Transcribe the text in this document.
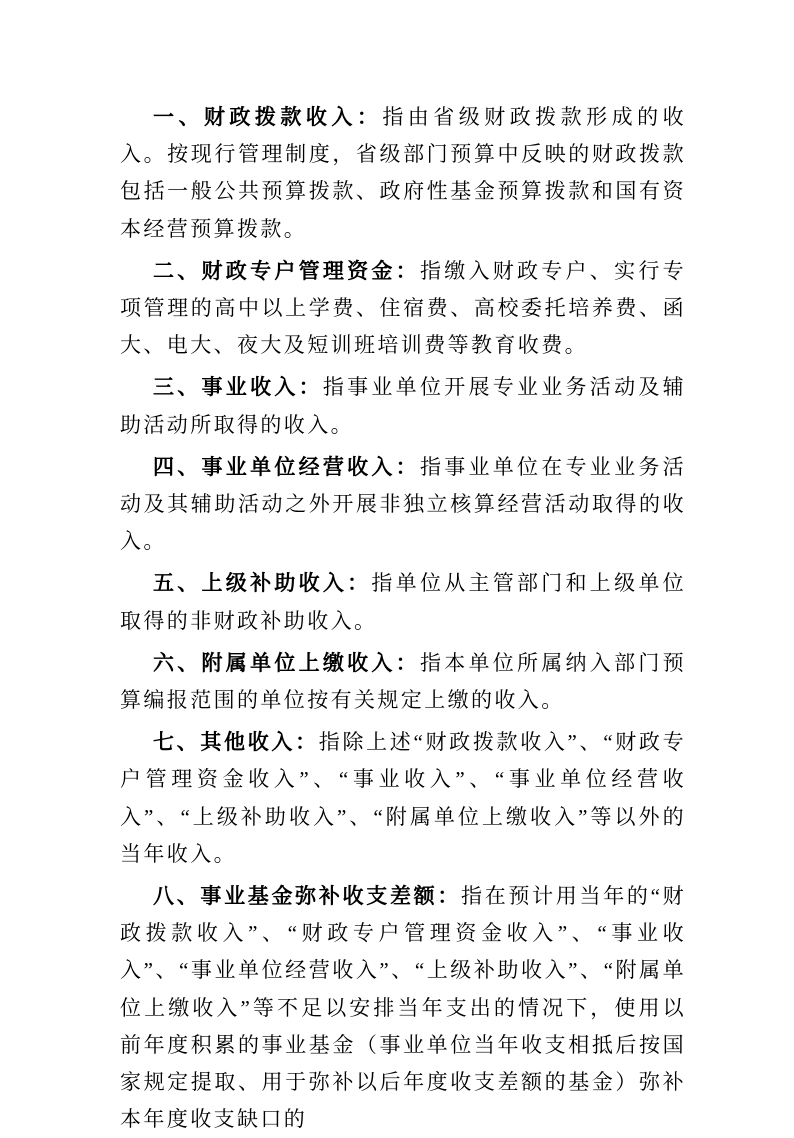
一、财政拨款收入：指由省级财政拨款形成的收入。按现行管理制度，省级部门预算中反映的财政拨款包括一般公共预算拨款、政府性基金预算拨款和国有资本经营预算拨款。

二、财政专户管理资金：指缴入财政专户、实行专项管理的高中以上学费、住宿费、高校委托培养费、函大、电大、夜大及短训班培训费等教育收费。

三、事业收入：指事业单位开展专业业务活动及辅助活动所取得的收入。

四、事业单位经营收入：指事业单位在专业业务活动及其辅助活动之外开展非独立核算经营活动取得的收入。

五、上级补助收入：指单位从主管部门和上级单位取得的非财政补助收入。

六、附属单位上缴收入：指本单位所属纳入部门预算编报范围的单位按有关规定上缴的收入。

七、其他收入：指除上述“财政拨款收入”、“财政专户管理资金收入”、“事业收入”、“事业单位经营收入”、“上级补助收入”、“附属单位上缴收入”等以外的当年收入。

八、事业基金弥补收支差额：指在预计用当年的“财政拨款收入”、“财政专户管理资金收入”、“事业收入”、“事业单位经营收入”、“上级补助收入”、“附属单位上缴收入”等不足以安排当年支出的情况下，使用以前年度积累的事业基金（事业单位当年收支相抵后按国家规定提取、用于弥补以后年度收支差额的基金）弥补本年度收支缺口的
